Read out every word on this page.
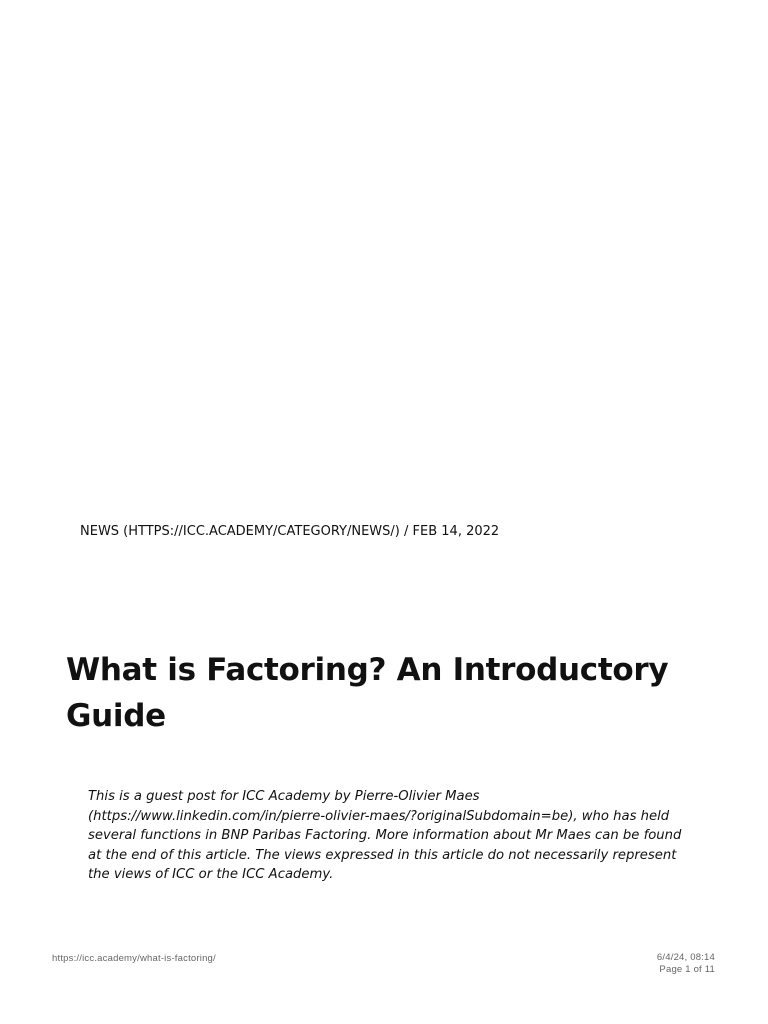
NEWS (HTTPS://ICC.ACADEMY/CATEGORY/NEWS/) / FEB 14, 2022
What is Factoring? An Introductory Guide

This is a guest post for ICC Academy by Pierre-Olivier Maes (https://www.linkedin.com/in/pierre-olivier-maes/?originalSubdomain=be), who has held several functions in BNP Paribas Factoring. More information about Mr Maes can be found at the end of this article. The views expressed in this article do not necessarily represent the views of ICC or the ICC Academy.

https://icc.academy/what-is-factoring/	6/4/24, 08:14
Page 1 of 11
